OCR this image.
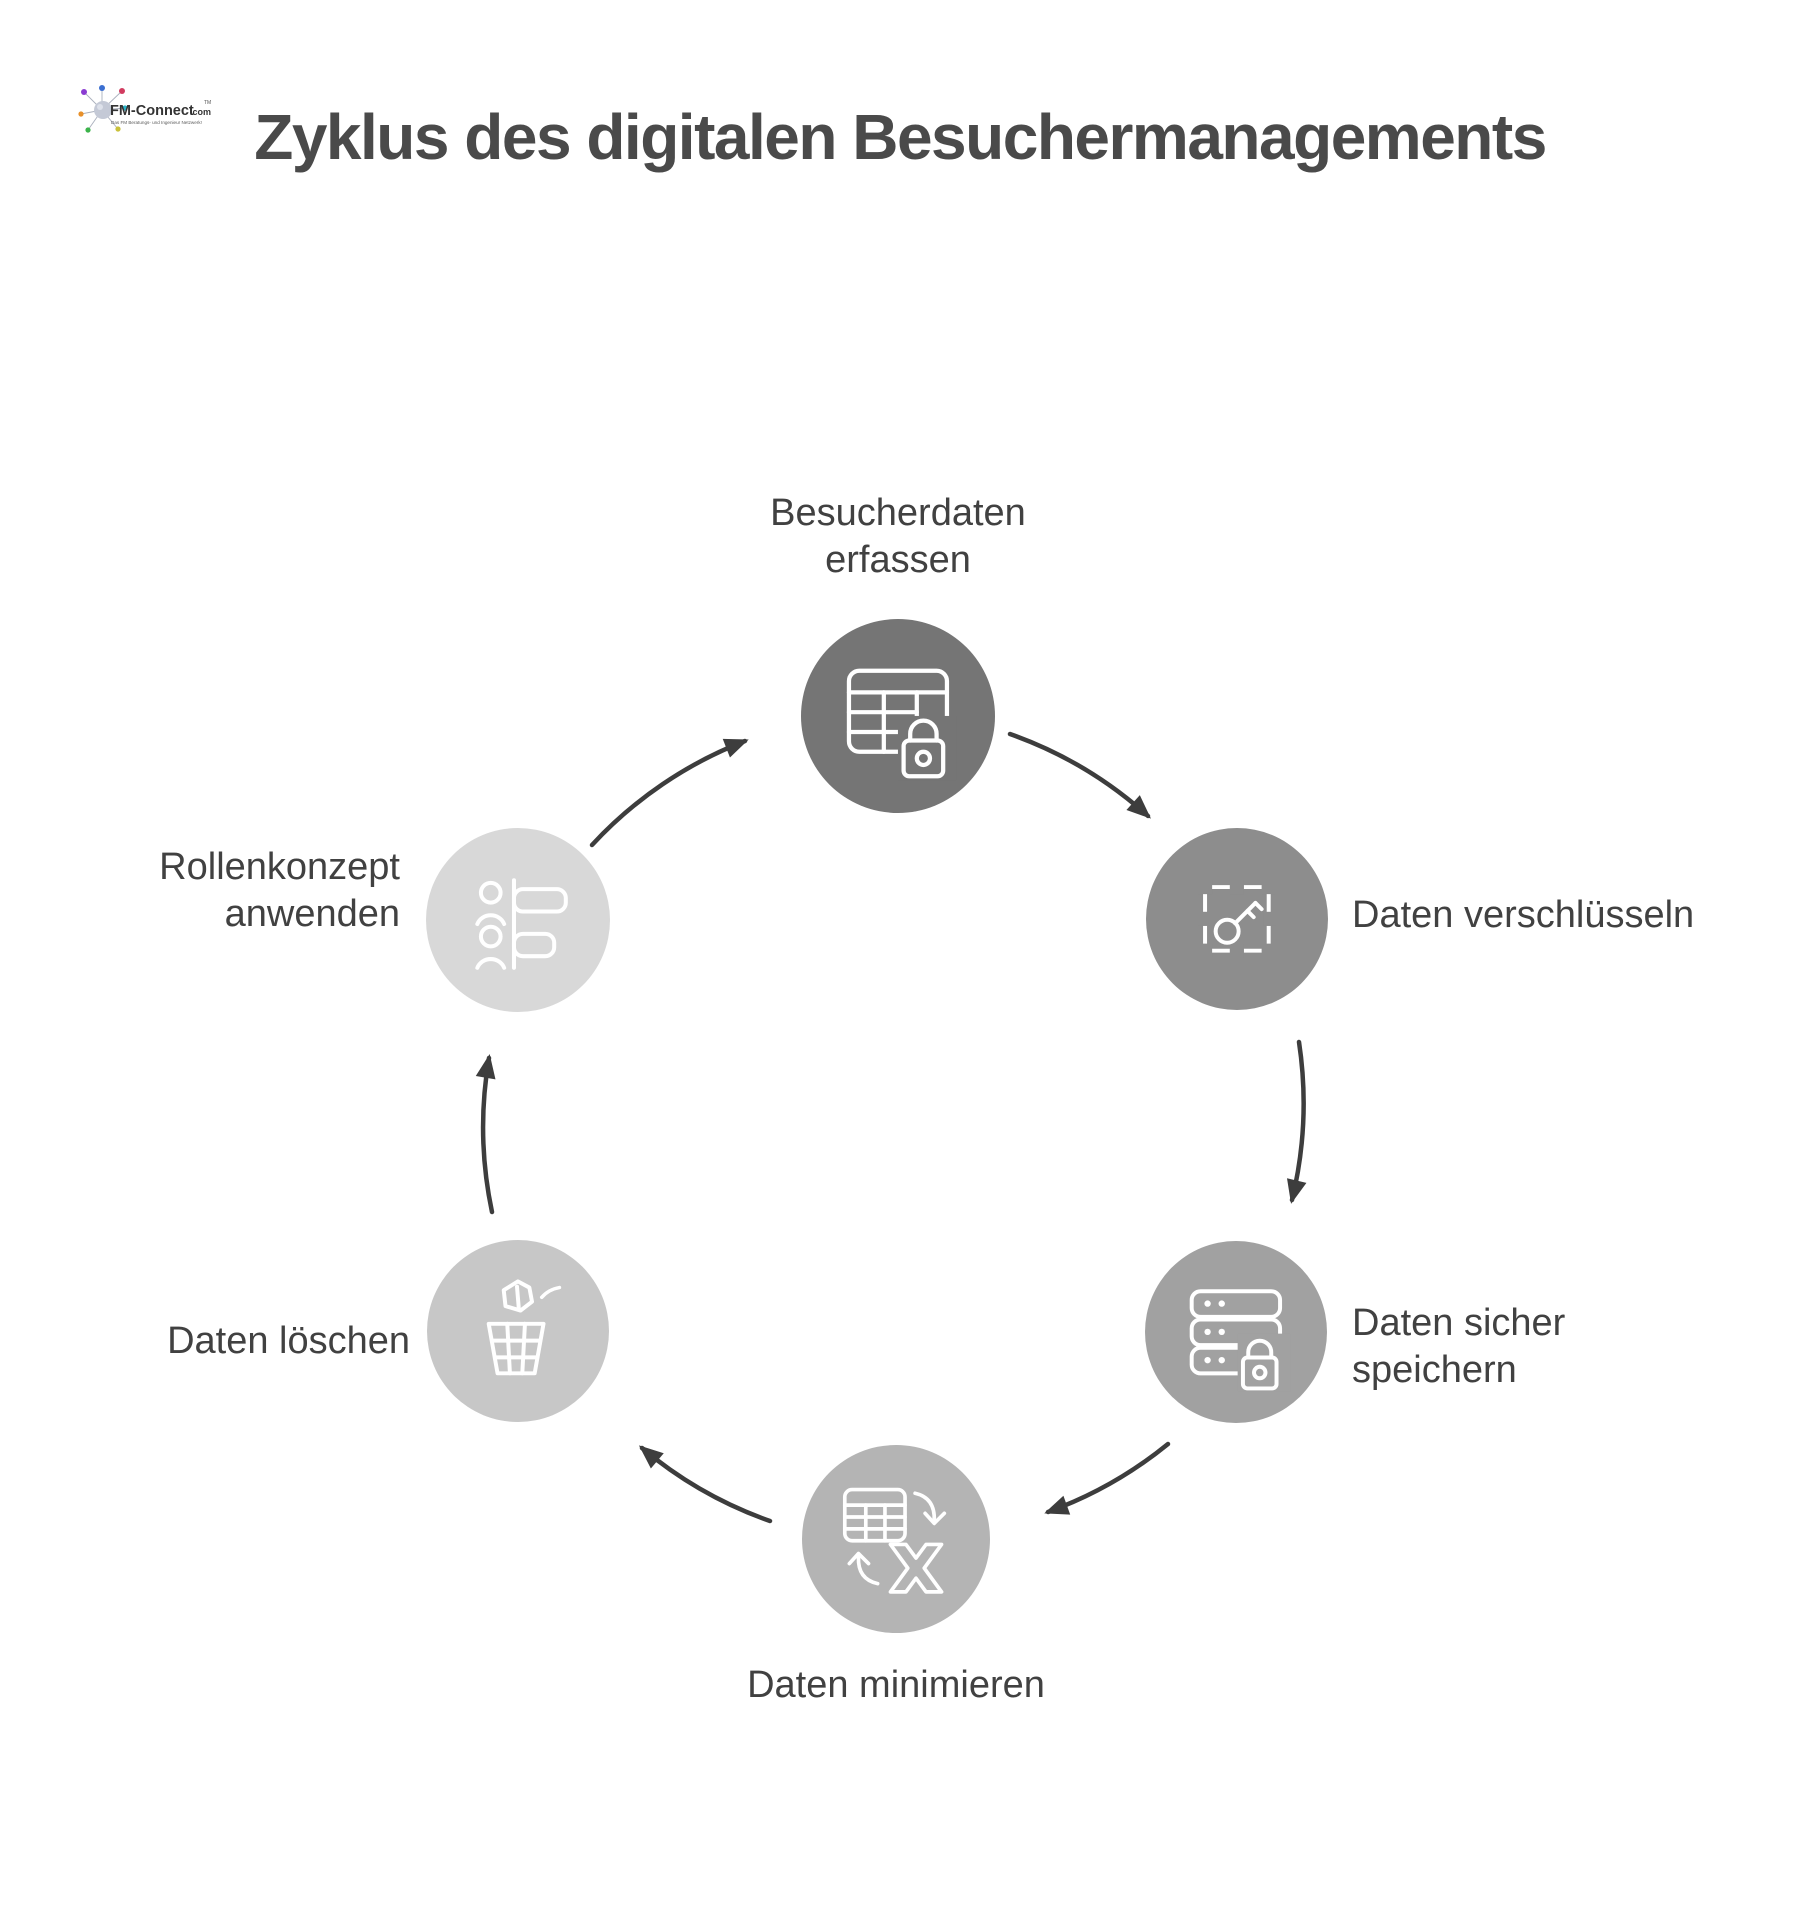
FM-Connect
.com
TM
Das FM Beratungs- und Ingenieur Netzwerk! Zyklus des digitalen Besuchermanagements
Besucherdaten
erfassen
Daten verschlüsseln
Daten sicher
speichern
Daten minimieren
Daten löschen
Rollenkonzept
anwenden
